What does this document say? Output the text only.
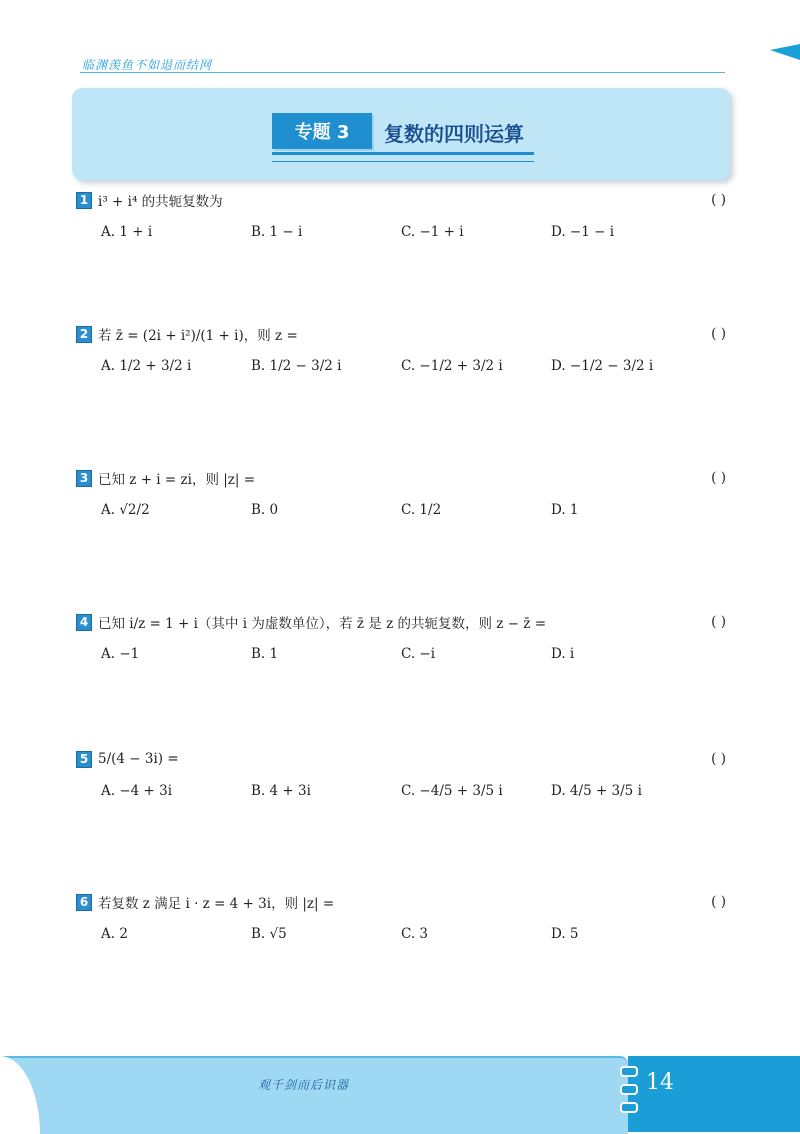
临渊羡鱼不如退而结网
专题 3	复数的四则运算
1 i³ + i⁴ 的共轭复数为	( )
A. 1 + i	B. 1 − i	C. −1 + i	D. −1 − i
2 若 z̄ = (2i + i²)/(1 + i)，则 z =	( )
A. 1/2 + 3/2 i	B. 1/2 − 3/2 i	C. −1/2 + 3/2 i	D. −1/2 − 3/2 i
3 已知 z + i = zi，则 |z| =	( )
A. √2/2	B. 0	C. 1/2	D. 1
4 已知 i/z = 1 + i（其中 i 为虚数单位），若 z̄ 是 z 的共轭复数，则 z − z̄ =	( )
A. −1	B. 1	C. −i	D. i
5 5/(4 − 3i) =	( )
A. −4 + 3i	B. 4 + 3i	C. −4/5 + 3/5 i	D. 4/5 + 3/5 i
6 若复数 z 满足 i · z = 4 + 3i，则 |z| =	( )
A. 2	B. √5	C. 3	D. 5
观千剑而后识器	14
